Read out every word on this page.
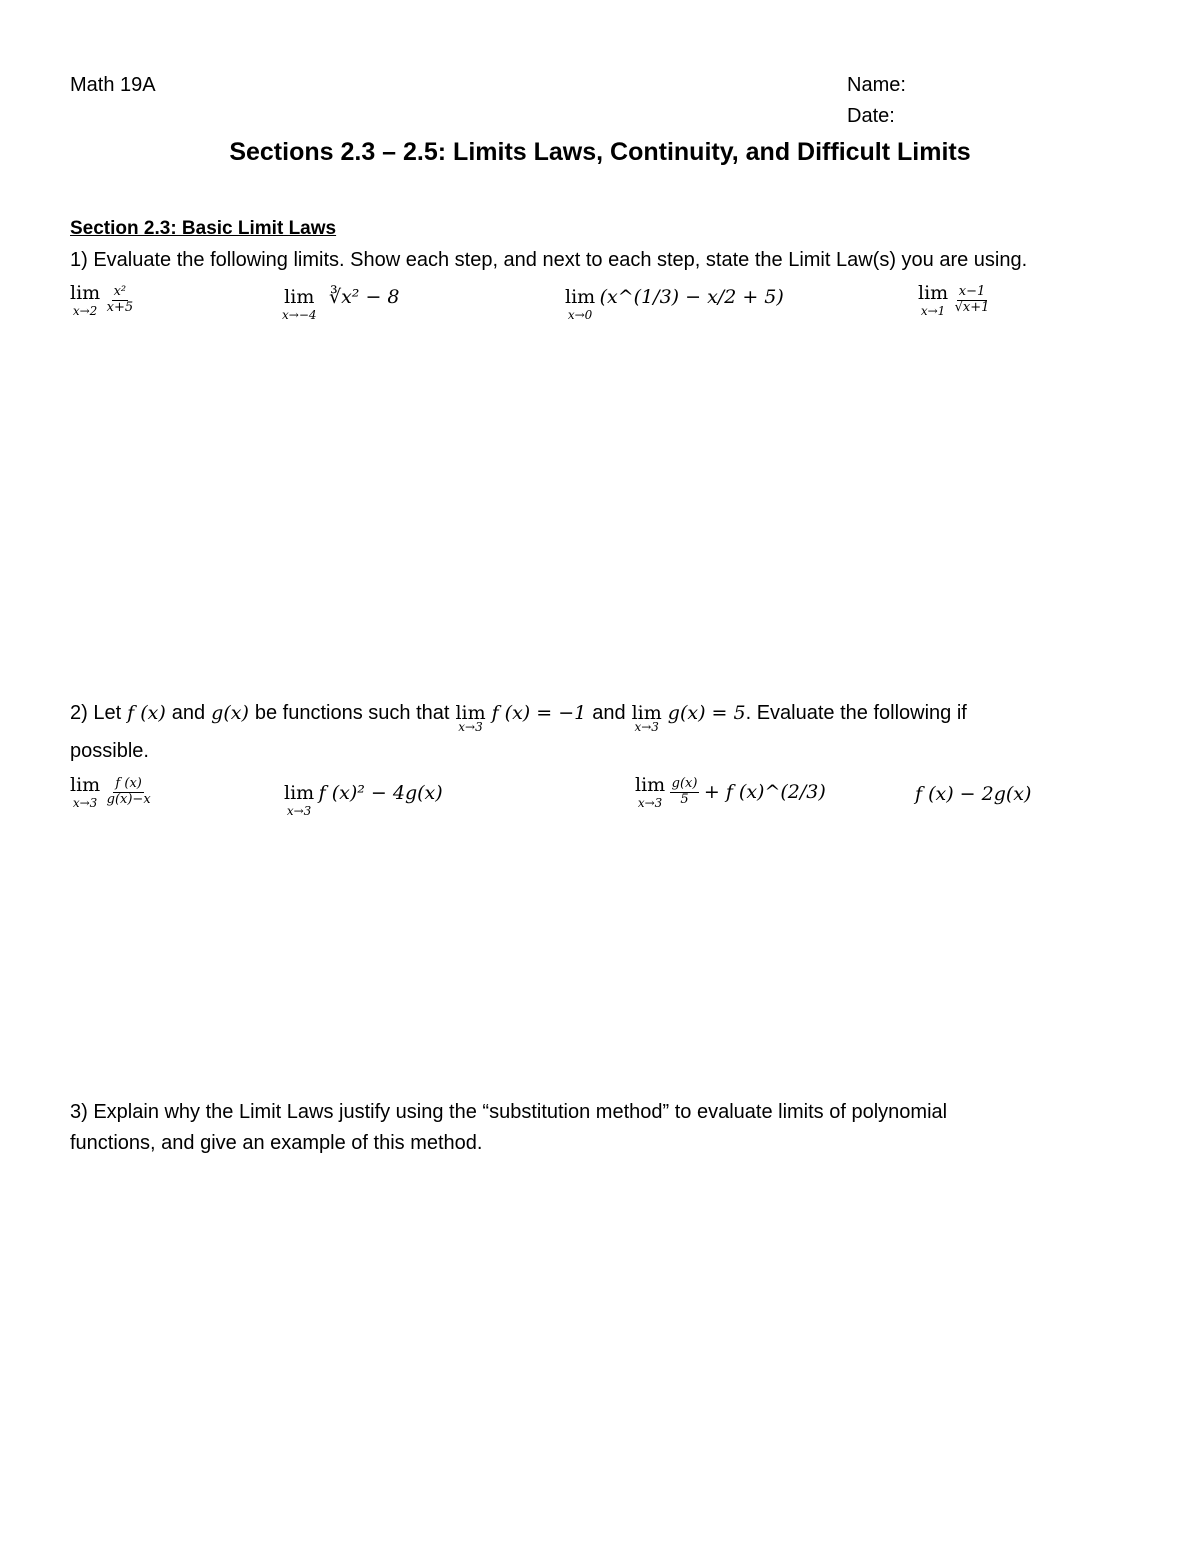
Math 19A	Name:
Date:
Sections 2.3 – 2.5: Limits Laws, Continuity, and Difficult Limits
Section 2.3: Basic Limit Laws
1) Evaluate the following limits. Show each step, and next to each step, state the Limit Law(s) you are using.
lim
x→2
$\frac{\text{x²}}{x+5}$	lim
x→−4
∛x² − 8	lim
x→0
(x^(1/3) − x/2 + 5)	lim
x→1
$\frac{x-1}{√x+1}$
2) Let f (x) and g(x) be functions such that lim
x→3
f (x) = −1 and lim
x→3
g(x) = 5 . Evaluate the following if
possible.
lim
x→3
$\frac{f (x)}{g(x)-x}$	lim
x→3
f (x)² − 4g(x)	lim
x→3
$\frac{g(x)}{5} + f$ (x)^(2/3)	f (x) − 2g(x)
3) Explain why the Limit Laws justify using the “substitution method” to evaluate limits of polynomial
functions, and give an example of this method.
